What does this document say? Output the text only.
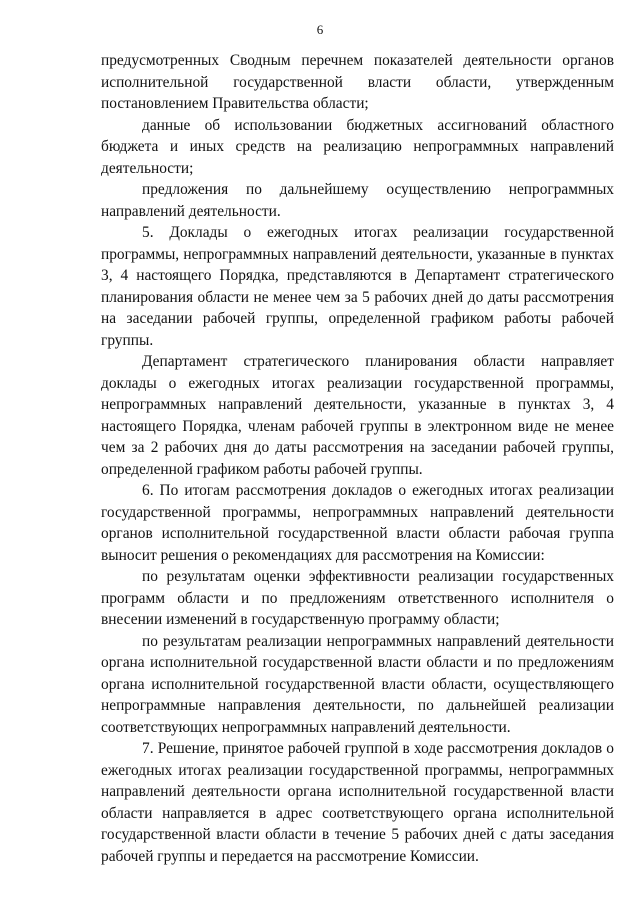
6

предусмотренных Сводным перечнем показателей деятельности органов исполнительной государственной власти области, утвержденным постановлением Правительства области;

данные об использовании бюджетных ассигнований областного бюджета и иных средств на реализацию непрограммных направлений деятельности;

предложения по дальнейшему осуществлению непрограммных направлений деятельности.

5. Доклады о ежегодных итогах реализации государственной программы, непрограммных направлений деятельности, указанные в пунктах 3, 4 настоящего Порядка, представляются в Департамент стратегического планирования области не менее чем за 5 рабочих дней до даты рассмотрения на заседании рабочей группы, определенной графиком работы рабочей группы.

Департамент стратегического планирования области направляет доклады о ежегодных итогах реализации государственной программы, непрограммных направлений деятельности, указанные в пунктах 3, 4 настоящего Порядка, членам рабочей группы в электронном виде не менее чем за 2 рабочих дня до даты рассмотрения на заседании рабочей группы, определенной графиком работы рабочей группы.

6. По итогам рассмотрения докладов о ежегодных итогах реализации государственной программы, непрограммных направлений деятельности органов исполнительной государственной власти области рабочая группа выносит решения о рекомендациях для рассмотрения на Комиссии:

по результатам оценки эффективности реализации государственных программ области и по предложениям ответственного исполнителя о внесении изменений в государственную программу области;

по результатам реализации непрограммных направлений деятельности органа исполнительной государственной власти области и по предложениям органа исполнительной государственной власти области, осуществляющего непрограммные направления деятельности, по дальнейшей реализации соответствующих непрограммных направлений деятельности.

7. Решение, принятое рабочей группой в ходе рассмотрения докладов о ежегодных итогах реализации государственной программы, непрограммных направлений деятельности органа исполнительной государственной власти области направляется в адрес соответствующего органа исполнительной государственной власти области в течение 5 рабочих дней с даты заседания рабочей группы и передается на рассмотрение Комиссии.
